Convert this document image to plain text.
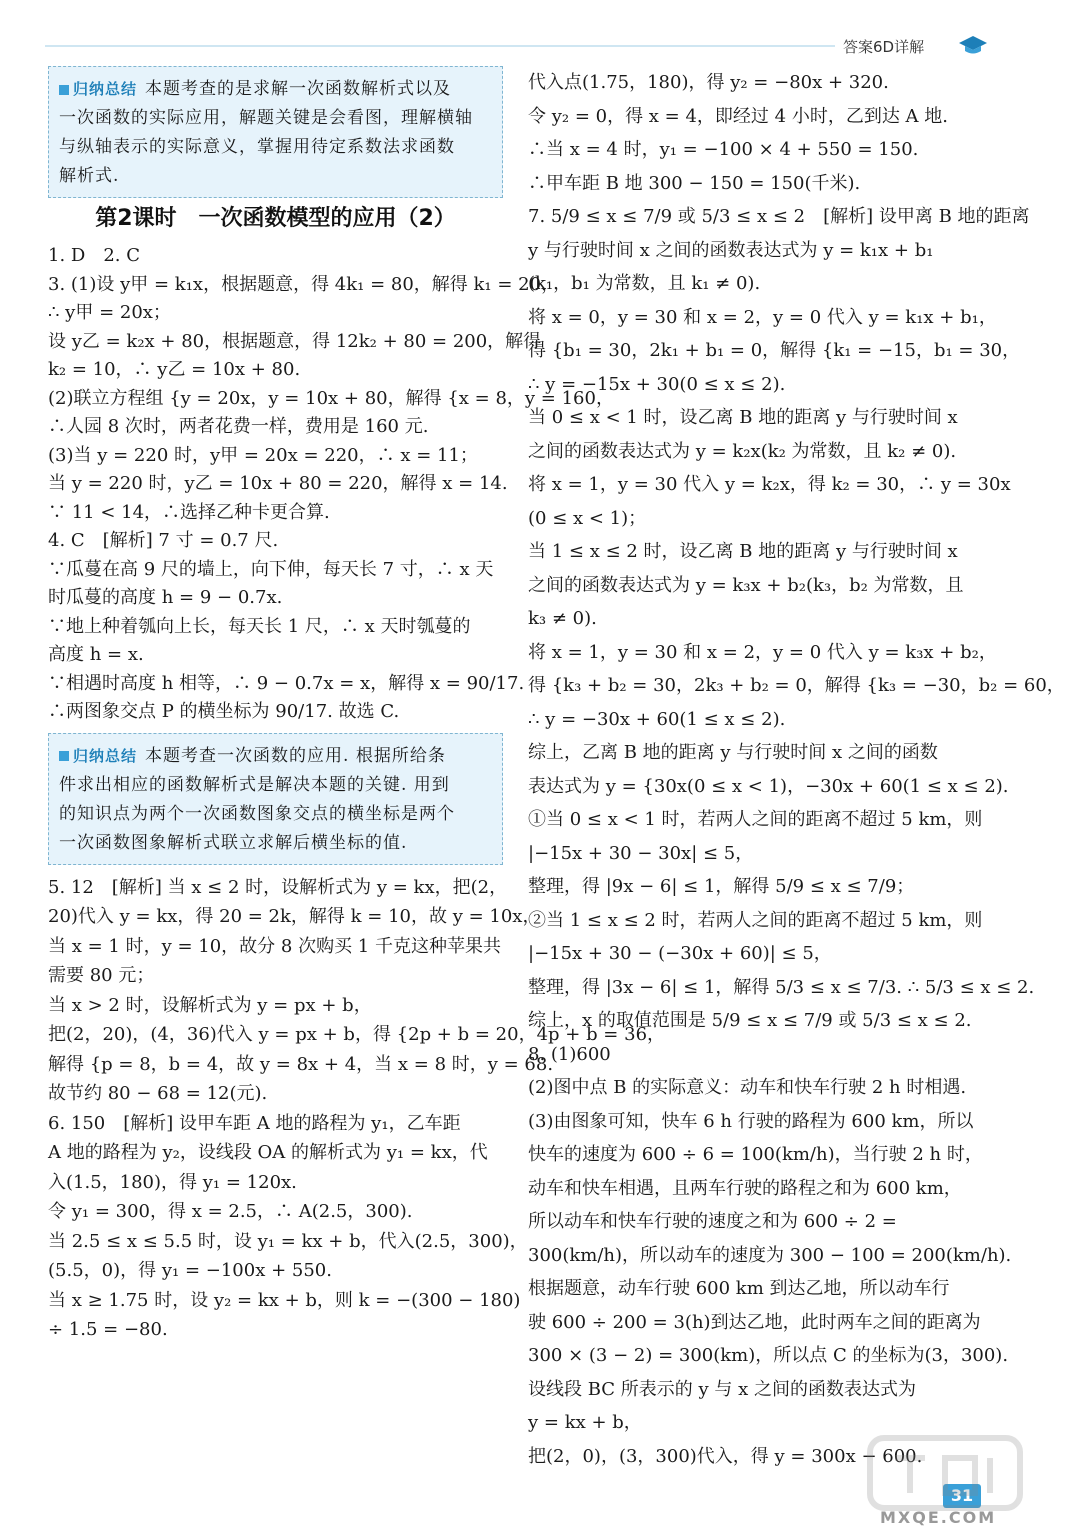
答案6D详解
归纳总结 本题考查的是求解一次函数解析式以及
一次函数的实际应用，解题关键是会看图，理解横轴
与纵轴表示的实际意义，掌握用待定系数法求函数
解析式.
第2课时　一次函数模型的应用（2）
1. D　2. C
3. (1)设 y甲 = k₁x，根据题意，得 4k₁ = 80，解得 k₁ = 20，
∴ y甲 = 20x；
设 y乙 = k₂x + 80，根据题意，得 12k₂ + 80 = 200，解得
k₂ = 10，∴ y乙 = 10x + 80.
(2)联立方程组 {y = 20x，y = 10x + 80，解得 {x = 8，y = 160，
∴人园 8 次时，两者花费一样，费用是 160 元.
(3)当 y = 220 时，y甲 = 20x = 220，∴ x = 11；
当 y = 220 时，y乙 = 10x + 80 = 220，解得 x = 14.
∵ 11 < 14，∴选择乙种卡更合算.
4. C　[解析] 7 寸 = 0.7 尺.
∵瓜蔓在高 9 尺的墙上，向下伸，每天长 7 寸，∴ x 天
时瓜蔓的高度 h = 9 − 0.7x.
∵地上种着瓠向上长，每天长 1 尺，∴ x 天时瓠蔓的
高度 h = x.
∵相遇时高度 h 相等，∴ 9 − 0.7x = x，解得 x = 90/17.
∴两图象交点 P 的横坐标为 90/17. 故选 C.
归纳总结 本题考查一次函数的应用. 根据所给条
件求出相应的函数解析式是解决本题的关键. 用到
的知识点为两个一次函数图象交点的横坐标是两个
一次函数图象解析式联立求解后横坐标的值.
5. 12　[解析] 当 x ≤ 2 时，设解析式为 y = kx，把(2，
20)代入 y = kx，得 20 = 2k，解得 k = 10，故 y = 10x，
当 x = 1 时，y = 10，故分 8 次购买 1 千克这种苹果共
需要 80 元；
当 x > 2 时，设解析式为 y = px + b，
把(2，20)，(4，36)代入 y = px + b，得 {2p + b = 20，4p + b = 36，
解得 {p = 8，b = 4，故 y = 8x + 4，当 x = 8 时，y = 68.
故节约 80 − 68 = 12(元).
6. 150　[解析] 设甲车距 A 地的路程为 y₁，乙车距
A 地的路程为 y₂，设线段 OA 的解析式为 y₁ = kx，代
入(1.5，180)，得 y₁ = 120x.
令 y₁ = 300，得 x = 2.5，∴ A(2.5，300).
当 2.5 ≤ x ≤ 5.5 时，设 y₁ = kx + b，代入(2.5，300)，
(5.5，0)，得 y₁ = −100x + 550.
当 x ≥ 1.75 时，设 y₂ = kx + b，则 k = −(300 − 180)
÷ 1.5 = −80.
代入点(1.75，180)，得 y₂ = −80x + 320.
令 y₂ = 0，得 x = 4，即经过 4 小时，乙到达 A 地.
∴当 x = 4 时，y₁ = −100 × 4 + 550 = 150.
∴甲车距 B 地 300 − 150 = 150(千米).
7. 5/9 ≤ x ≤ 7/9 或 5/3 ≤ x ≤ 2　[解析] 设甲离 B 地的距离
y 与行驶时间 x 之间的函数表达式为 y = k₁x + b₁
(k₁，b₁ 为常数，且 k₁ ≠ 0).
将 x = 0，y = 30 和 x = 2，y = 0 代入 y = k₁x + b₁，
得 {b₁ = 30，2k₁ + b₁ = 0，解得 {k₁ = −15，b₁ = 30，
∴ y = −15x + 30(0 ≤ x ≤ 2).
当 0 ≤ x < 1 时，设乙离 B 地的距离 y 与行驶时间 x
之间的函数表达式为 y = k₂x(k₂ 为常数，且 k₂ ≠ 0).
将 x = 1，y = 30 代入 y = k₂x，得 k₂ = 30，∴ y = 30x
(0 ≤ x < 1)；
当 1 ≤ x ≤ 2 时，设乙离 B 地的距离 y 与行驶时间 x
之间的函数表达式为 y = k₃x + b₂(k₃，b₂ 为常数，且
k₃ ≠ 0).
将 x = 1，y = 30 和 x = 2，y = 0 代入 y = k₃x + b₂，
得 {k₃ + b₂ = 30，2k₃ + b₂ = 0，解得 {k₃ = −30，b₂ = 60，
∴ y = −30x + 60(1 ≤ x ≤ 2).
综上，乙离 B 地的距离 y 与行驶时间 x 之间的函数
表达式为 y = {30x(0 ≤ x < 1)，−30x + 60(1 ≤ x ≤ 2).
①当 0 ≤ x < 1 时，若两人之间的距离不超过 5 km，则
|−15x + 30 − 30x| ≤ 5，
整理，得 |9x − 6| ≤ 1，解得 5/9 ≤ x ≤ 7/9；
②当 1 ≤ x ≤ 2 时，若两人之间的距离不超过 5 km，则
|−15x + 30 − (−30x + 60)| ≤ 5，
整理，得 |3x − 6| ≤ 1，解得 5/3 ≤ x ≤ 7/3. ∴ 5/3 ≤ x ≤ 2.
综上，x 的取值范围是 5/9 ≤ x ≤ 7/9 或 5/3 ≤ x ≤ 2.
8. (1)600
(2)图中点 B 的实际意义：动车和快车行驶 2 h 时相遇.
(3)由图象可知，快车 6 h 行驶的路程为 600 km，所以
快车的速度为 600 ÷ 6 = 100(km/h)，当行驶 2 h 时，
动车和快车相遇，且两车行驶的路程之和为 600 km，
所以动车和快车行驶的速度之和为 600 ÷ 2 =
300(km/h)，所以动车的速度为 300 − 100 = 200(km/h).
根据题意，动车行驶 600 km 到达乙地，所以动车行
驶 600 ÷ 200 = 3(h)到达乙地，此时两车之间的距离为
300 × (3 − 2) = 300(km)，所以点 C 的坐标为(3，300).
设线段 BC 所表示的 y 与 x 之间的函数表达式为
y = kx + b，
把(2，0)，(3，300)代入，得 y = 300x − 600.
31
MXQE.COM
